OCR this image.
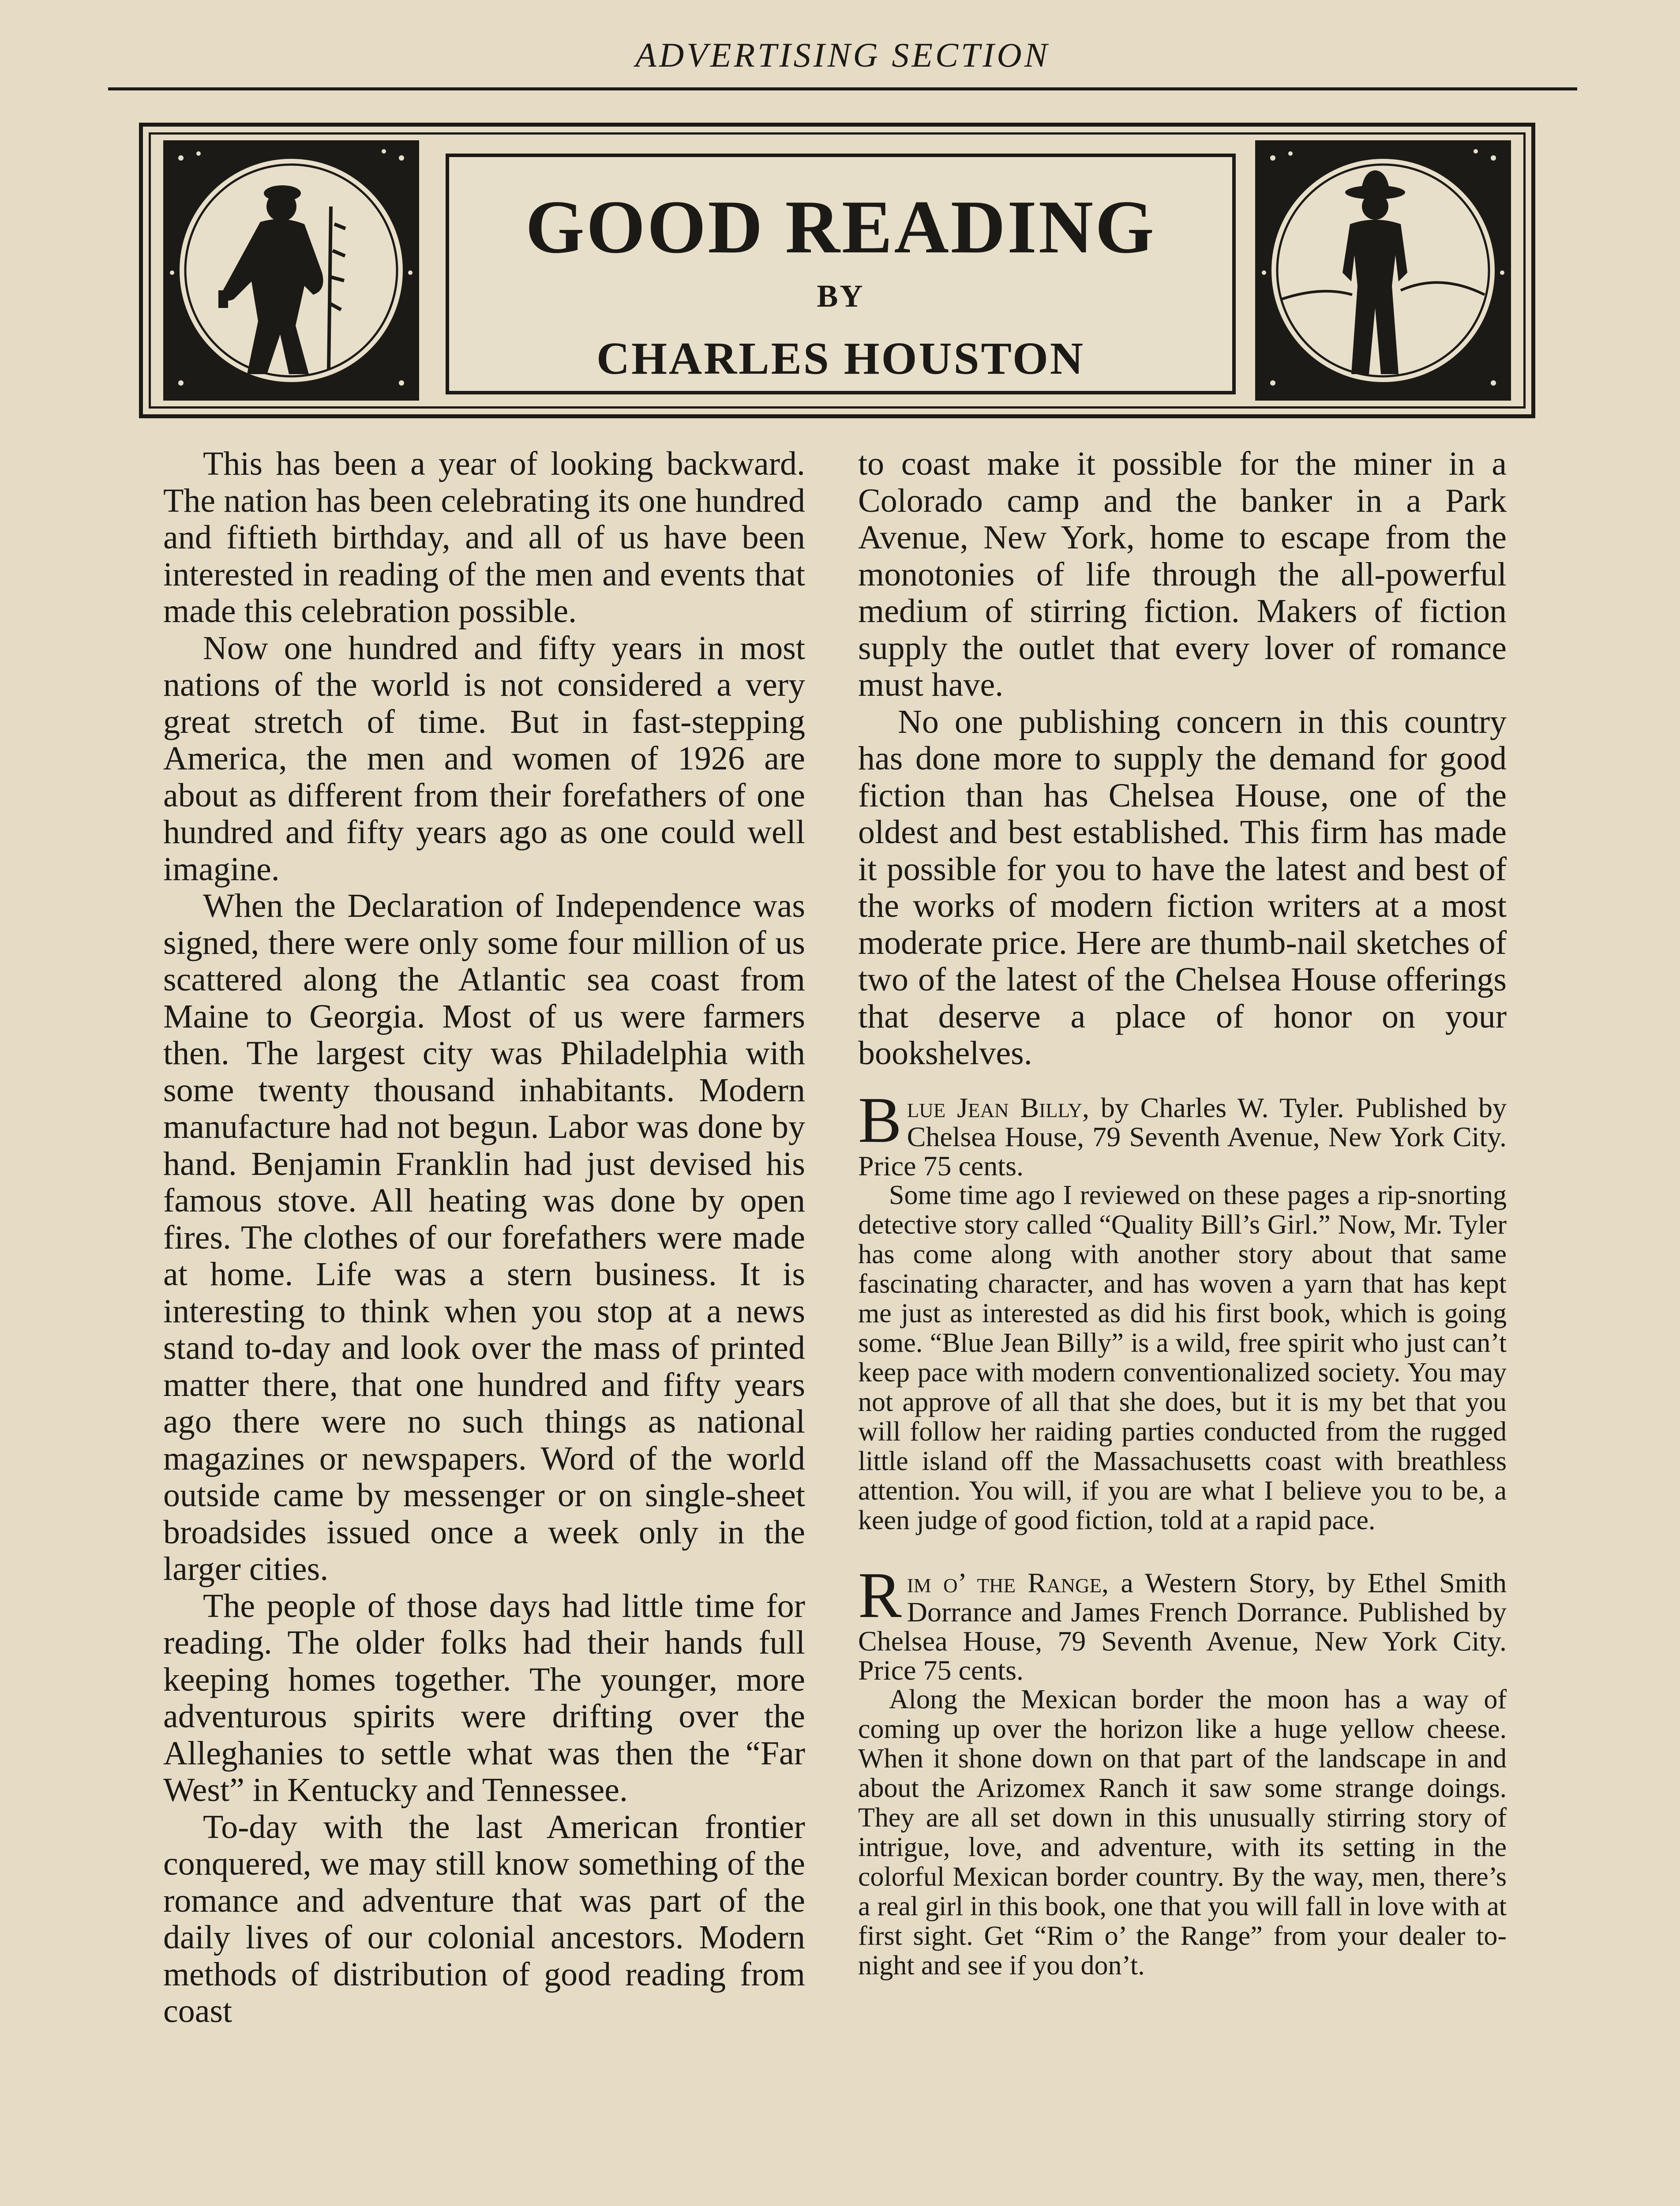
ADVERTISING SECTION
GOOD READING
BY
CHARLES HOUSTON

This has been a year of looking backward. The nation has been celebrating its one hundred and fiftieth birthday, and all of us have been interested in reading of the men and events that made this celebration possible.

Now one hundred and fifty years in most nations of the world is not considered a very great stretch of time. But in fast-stepping America, the men and women of 1926 are about as different from their forefathers of one hundred and fifty years ago as one could well imagine.

When the Declaration of Independence was signed, there were only some four million of us scattered along the Atlantic sea coast from Maine to Georgia. Most of us were farmers then. The largest city was Philadelphia with some twenty thousand inhabitants. Modern manufacture had not begun. Labor was done by hand. Benjamin Franklin had just devised his famous stove. All heating was done by open fires. The clothes of our forefathers were made at home. Life was a stern business. It is interesting to think when you stop at a news stand to-day and look over the mass of printed matter there, that one hundred and fifty years ago there were no such things as national magazines or newspapers. Word of the world outside came by messenger or on single-sheet broadsides issued once a week only in the larger cities.

The people of those days had little time for reading. The older folks had their hands full keeping homes together. The younger, more adventurous spirits were drifting over the Alleghanies to settle what was then the “Far West” in Kentucky and Tennessee.

To-day with the last American frontier conquered, we may still know something of the romance and adventure that was part of the daily lives of our colonial ancestors. Modern methods of distribution of good reading from coast

to coast make it possible for the miner in a Colorado camp and the banker in a Park Avenue, New York, home to escape from the monotonies of life through the all-powerful medium of stirring fiction. Makers of fiction supply the outlet that every lover of romance must have.

No one publishing concern in this country has done more to supply the demand for good fiction than has Chelsea House, one of the oldest and best established. This firm has made it possible for you to have the latest and best of the works of modern fiction writers at a most moderate price. Here are thumb-nail sketches of two of the latest of the Chelsea House offerings that deserve a place of honor on your bookshelves.

Blue Jean Billy, by Charles W. Tyler. Published by Chelsea House, 79 Seventh Avenue, New York City. Price 75 cents.

Some time ago I reviewed on these pages a rip-snorting detective story called “Quality Bill’s Girl.” Now, Mr. Tyler has come along with another story about that same fascinating character, and has woven a yarn that has kept me just as interested as did his first book, which is going some. “Blue Jean Billy” is a wild, free spirit who just can’t keep pace with modern conventionalized society. You may not approve of all that she does, but it is my bet that you will follow her raiding parties conducted from the rugged little island off the Massachusetts coast with breathless attention. You will, if you are what I believe you to be, a keen judge of good fiction, told at a rapid pace.

Rim o’ the Range, a Western Story, by Ethel Smith Dorrance and James French Dorrance. Published by Chelsea House, 79 Seventh Avenue, New York City. Price 75 cents.

Along the Mexican border the moon has a way of coming up over the horizon like a huge yellow cheese. When it shone down on that part of the landscape in and about the Arizomex Ranch it saw some strange doings. They are all set down in this unusually stirring story of intrigue, love, and adventure, with its setting in the colorful Mexican border country. By the way, men, there’s a real girl in this book, one that you will fall in love with at first sight. Get “Rim o’ the Range” from your dealer to-night and see if you don’t.
